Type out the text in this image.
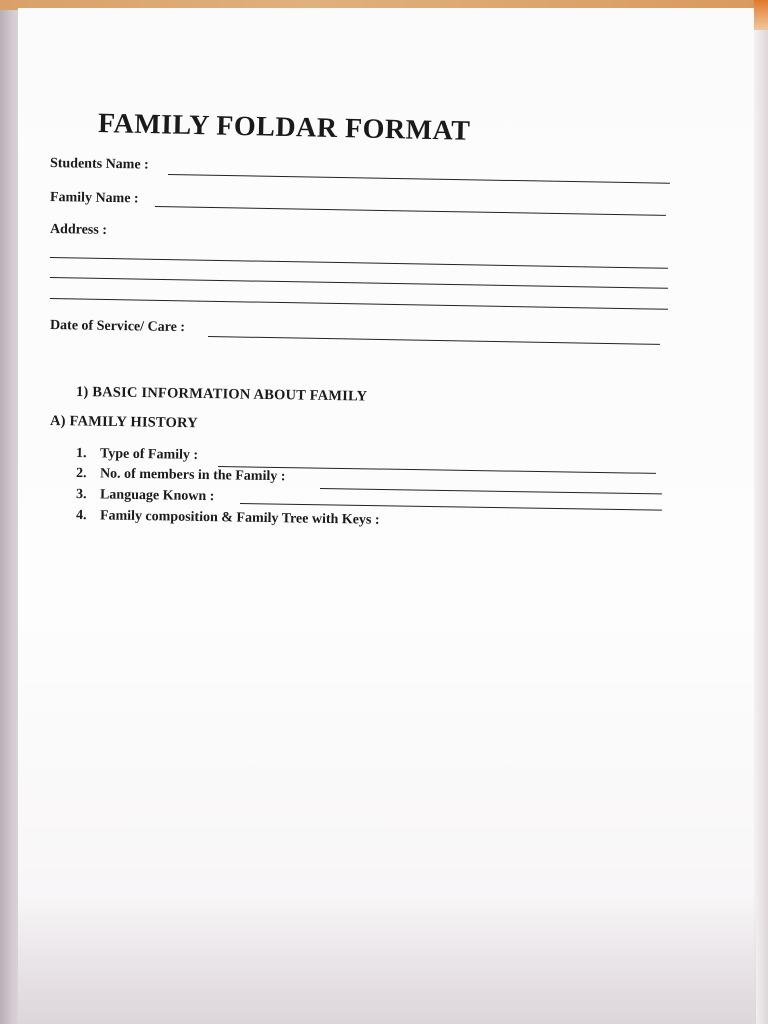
FAMILY FOLDAR FORMAT
Students Name :
Family Name :
Address :
Date of Service/ Care :
1) BASIC INFORMATION ABOUT FAMILY
A) FAMILY HISTORY
1. Type of Family :
2. No. of members in the Family :
3. Language Known :
4. Family composition & Family Tree with Keys :
